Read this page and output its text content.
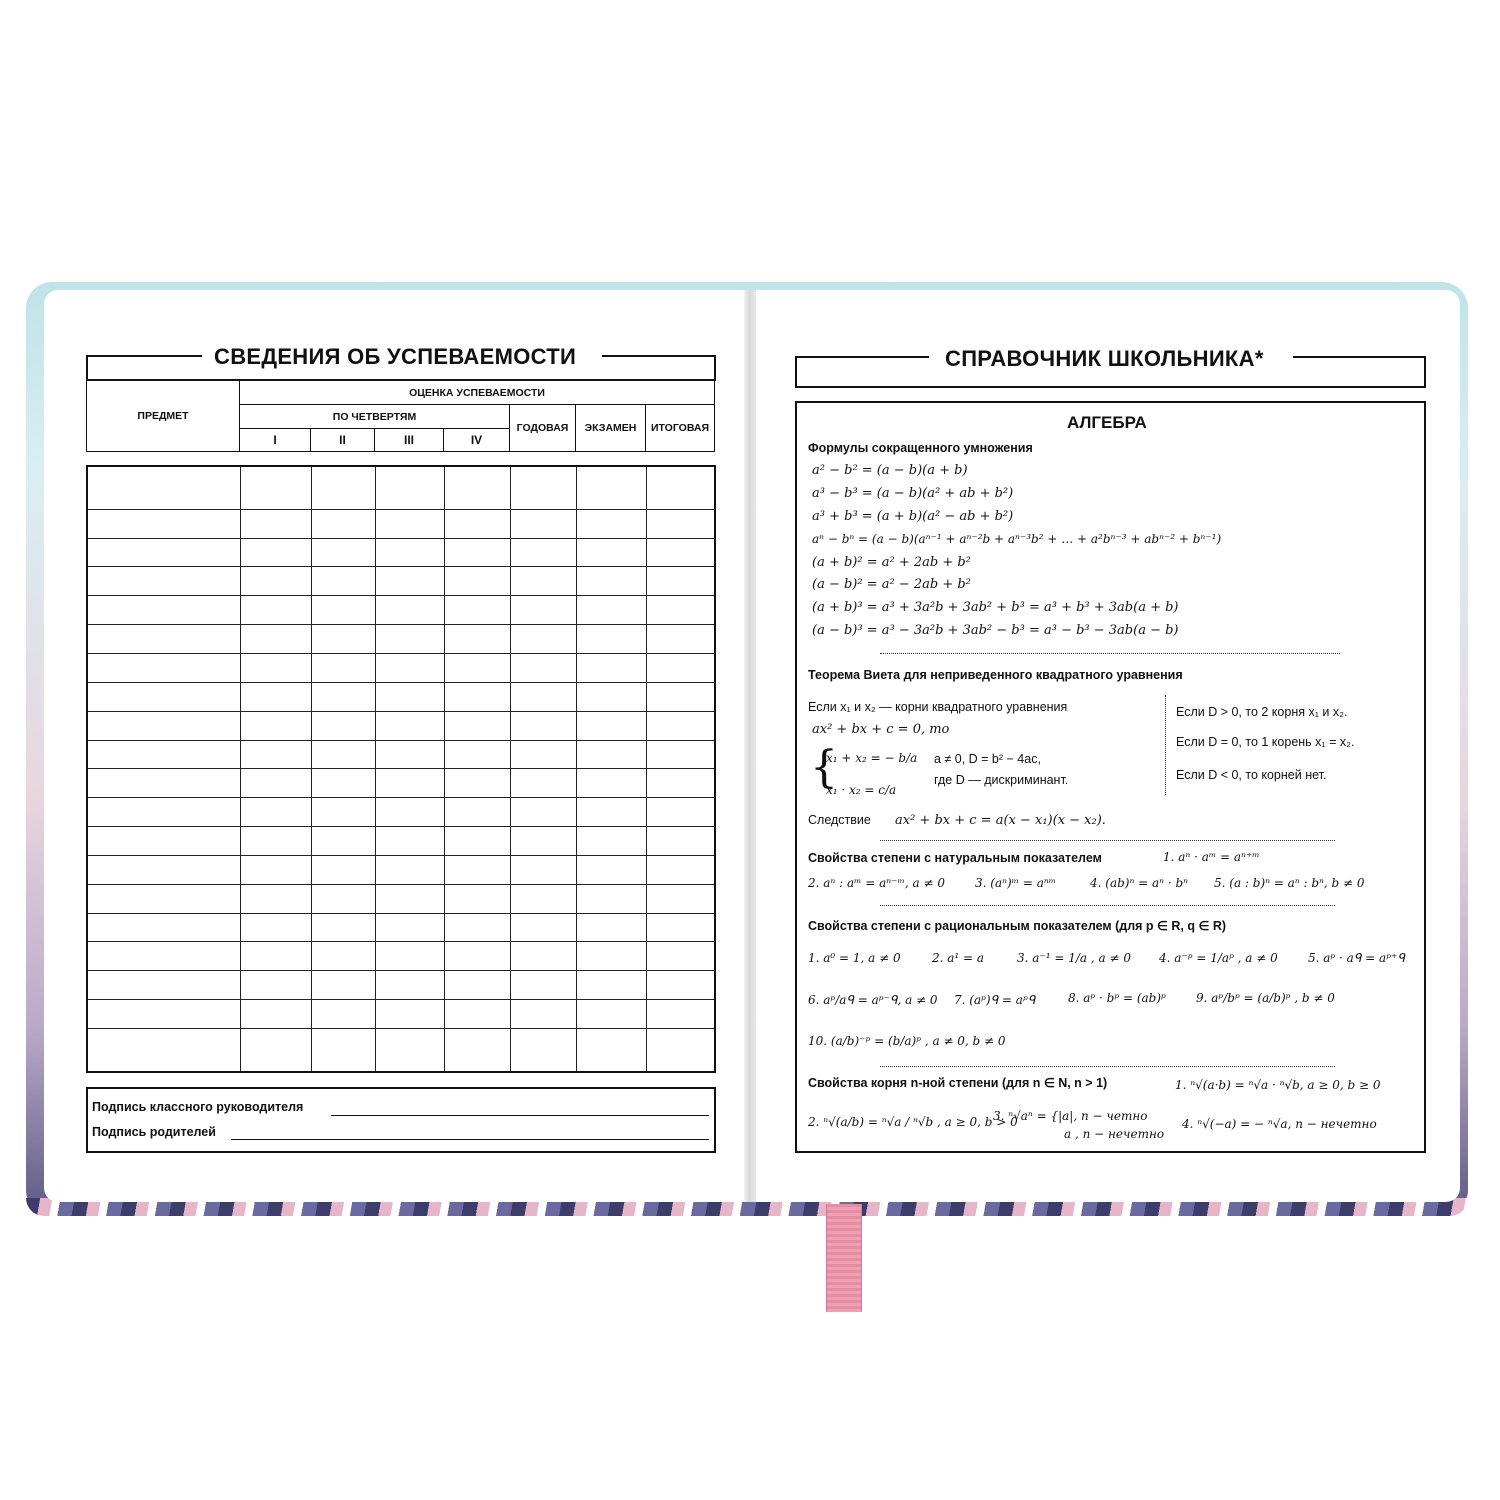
СВЕДЕНИЯ ОБ УСПЕВАЕМОСТИ
ПРЕДМЕТ	ОЦЕНКА УСПЕВАЕМОСТИ						
	ПО ЧЕТВЕРТЯМ				ГОДОВАЯ	ЭКЗАМЕН	ИТОГОВАЯ
	I	II	III	IV			

Подпись классного руководителя
Подпись родителей
СПРАВОЧНИК ШКОЛЬНИКА*
АЛГЕБРА
Формулы сокращенного умножения
a² − b² = (a − b)(a + b)
a³ − b³ = (a − b)(a² + ab + b²)
a³ + b³ = (a + b)(a² − ab + b²)
aⁿ − bⁿ = (a − b)(aⁿ⁻¹ + aⁿ⁻²b + aⁿ⁻³b² + … + a²bⁿ⁻³ + abⁿ⁻² + bⁿ⁻¹)
(a + b)² = a² + 2ab + b²
(a − b)² = a² − 2ab + b²
(a + b)³ = a³ + 3a²b + 3ab² + b³ = a³ + b³ + 3ab(a + b)
(a − b)³ = a³ − 3a²b + 3ab² − b³ = a³ − b³ − 3ab(a − b)
Теорема Виета для неприведенного квадратного уравнения
Если x₁ и x₂ — корни квадратного уравнения
ax² + bx + c = 0, то
{
x₁ + x₂ = − b/a
x₁ · x₂ = c/a
a ≠ 0, D = b² − 4ac,
где D — дискриминант.
Если D > 0, то 2 корня x₁ и x₂.
Если D = 0, то 1 корень x₁ = x₂.
Если D < 0, то корней нет.
Следствие ax² + bx + c = a(x − x₁)(x − x₂).
Свойства степени с натуральным показателем	1. aⁿ · aᵐ = aⁿ⁺ᵐ
2. aⁿ : aᵐ = aⁿ⁻ᵐ, a ≠ 0	3. (aⁿ)ᵐ = aⁿᵐ	4. (ab)ⁿ = aⁿ · bⁿ 5. (a : b)ⁿ = aⁿ : bⁿ, b ≠ 0
Свойства степени с рациональным показателем (для p ∈ R, q ∈ R)
1. a⁰ = 1, a ≠ 0	2. a¹ = a	3. a⁻¹ = 1/a , a ≠ 0 4. a⁻ᵖ = 1/aᵖ , a ≠ 0	5. aᵖ · aᑫ = aᵖ⁺ᑫ
6. aᵖ/aᑫ = aᵖ⁻ᑫ, a ≠ 0 7. (aᵖ)ᑫ = aᵖᑫ	8. aᵖ · bᵖ = (ab)ᵖ	9. aᵖ/bᵖ = (a/b)ᵖ , b ≠ 0
10. (a/b)⁻ᵖ = (b/a)ᵖ , a ≠ 0, b ≠ 0
Свойства корня n-ной степени (для n ∈ N, n > 1)	1. ⁿ√(a·b) = ⁿ√a · ⁿ√b, a ≥ 0, b ≥ 0
2. ⁿ√(a/b) = ⁿ√a / ⁿ√b , a ≥ 0, b > 0
3. ⁿ√aⁿ = {|a|, n − четно
a , n − нечетно
4. ⁿ√(−a) = − ⁿ√a, n − нечетно
